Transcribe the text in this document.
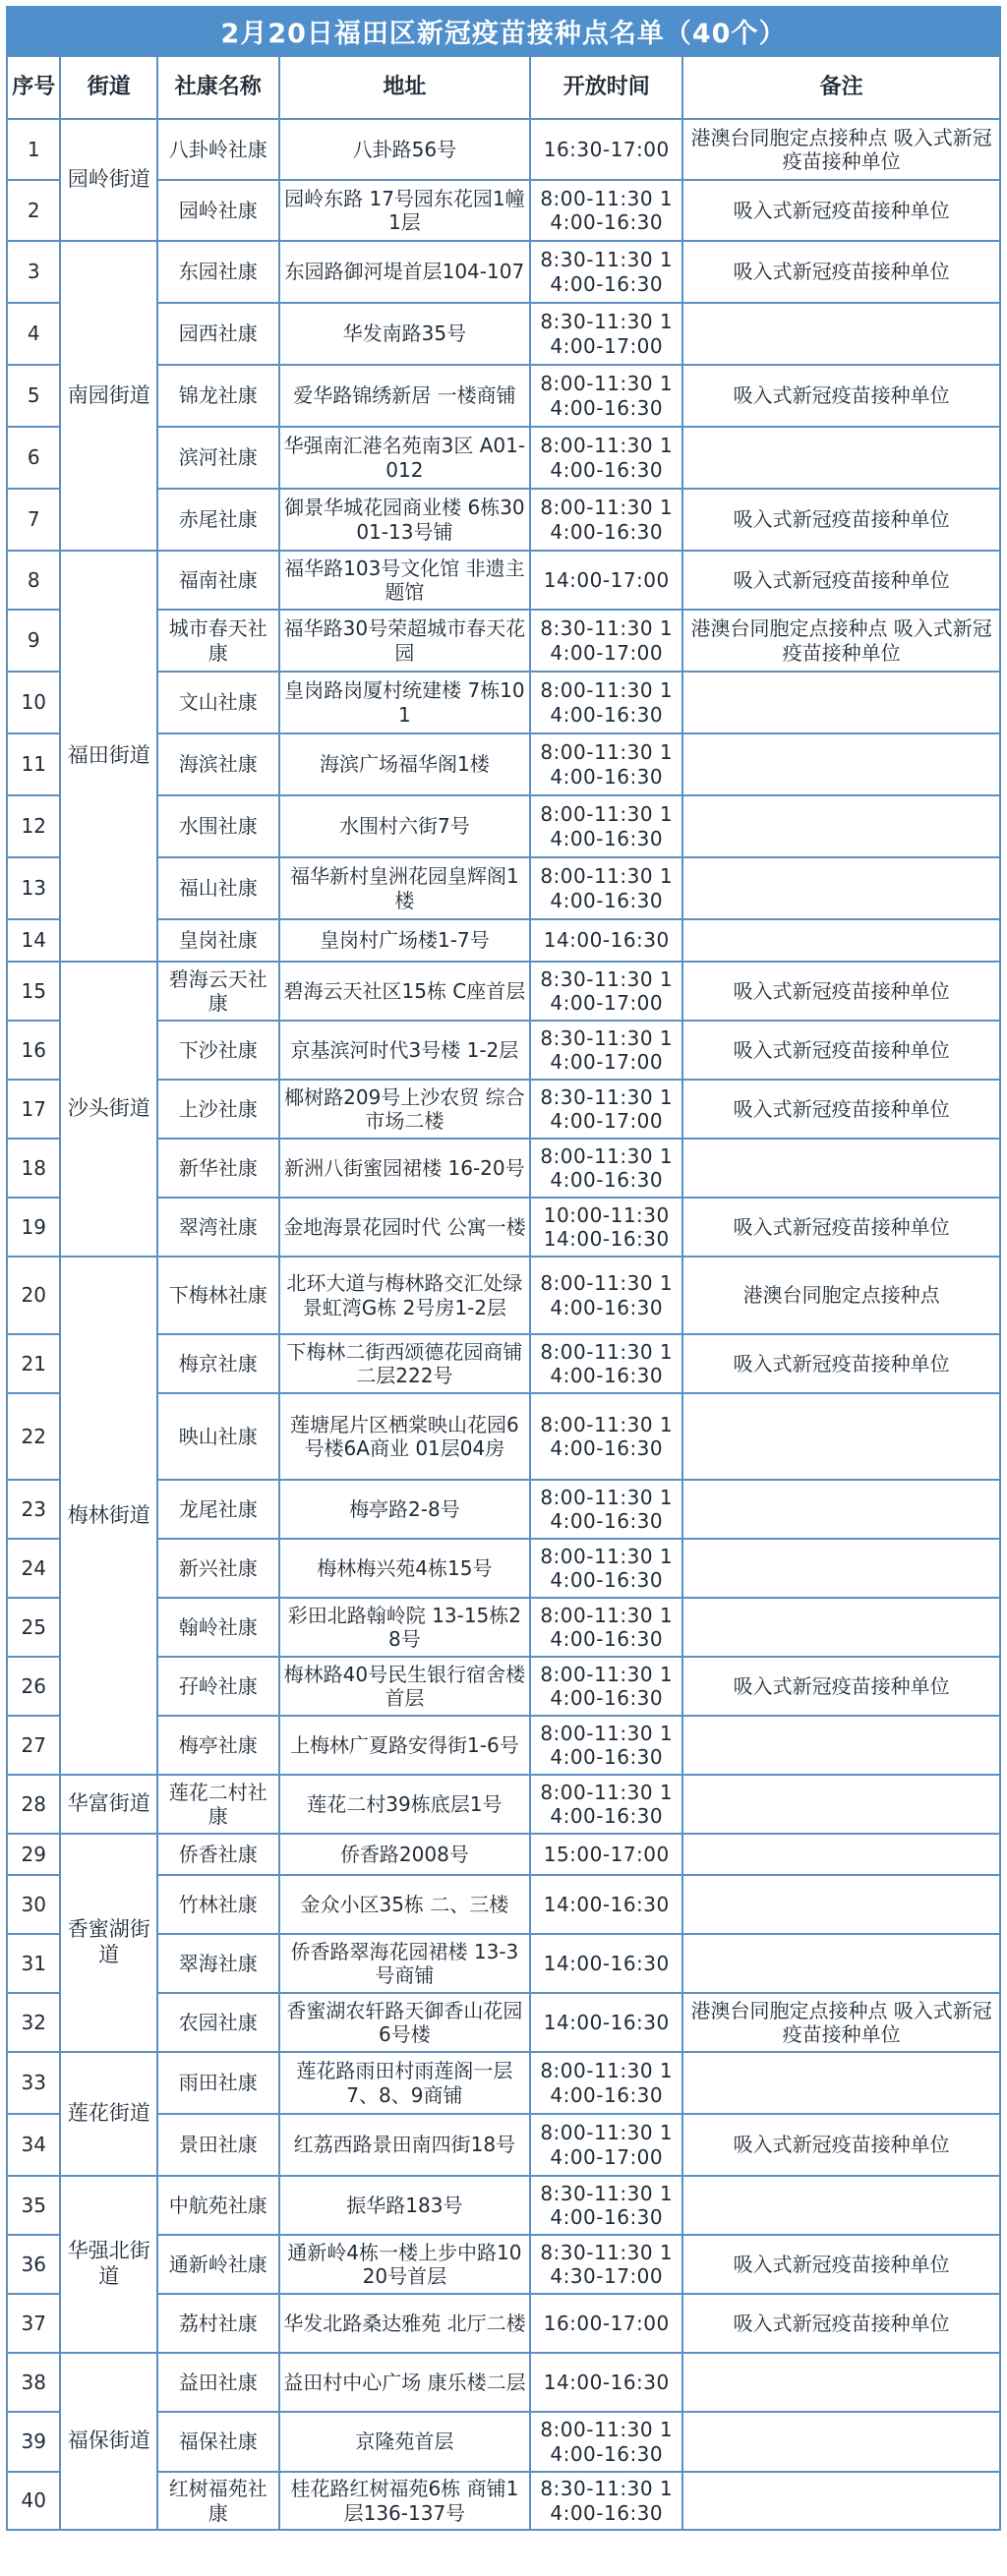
2月20日福田区新冠疫苗接种点名单（40个）
序号	街道	社康名称	地址	开放时间	备注
1	园岭街道	八卦岭社康	八卦路56号	16:30-17:00	港澳台同胞定点接种点 吸入式新冠疫苗接种单位
2		园岭社康	园岭东路 17号园东花园1幢1层	8:00-11:30 14:00-16:30	吸入式新冠疫苗接种单位
3	南园街道	东园社康	东园路御河堤首层104-107	8:30-11:30 14:00-16:30	吸入式新冠疫苗接种单位
4		园西社康	华发南路35号	8:30-11:30 14:00-17:00	
5		锦龙社康	爱华路锦绣新居 一楼商铺	8:00-11:30 14:00-16:30	吸入式新冠疫苗接种单位
6		滨河社康	华强南汇港名苑南3区 A01-012	8:00-11:30 14:00-16:30	
7		赤尾社康	御景华城花园商业楼 6栋3001-13号铺	8:00-11:30 14:00-16:30	吸入式新冠疫苗接种单位
8	福田街道	福南社康	福华路103号文化馆 非遗主题馆	14:00-17:00	吸入式新冠疫苗接种单位
9		城市春天社康	福华路30号荣超城市春天花园	8:30-11:30 14:00-17:00	港澳台同胞定点接种点 吸入式新冠疫苗接种单位
10		文山社康	皇岗路岗厦村统建楼 7栋101	8:00-11:30 14:00-16:30	
11		海滨社康	海滨广场福华阁1楼	8:00-11:30 14:00-16:30	
12		水围社康	水围村六街7号	8:00-11:30 14:00-16:30	
13		福山社康	福华新村皇洲花园皇辉阁1楼	8:00-11:30 14:00-16:30	
14		皇岗社康	皇岗村广场楼1-7号	14:00-16:30	
15	沙头街道	碧海云天社康	碧海云天社区15栋 C座首层	8:30-11:30 14:00-17:00	吸入式新冠疫苗接种单位
16		下沙社康	京基滨河时代3号楼 1-2层	8:30-11:30 14:00-17:00	吸入式新冠疫苗接种单位
17		上沙社康	椰树路209号上沙农贸 综合市场二楼	8:30-11:30 14:00-17:00	吸入式新冠疫苗接种单位
18		新华社康	新洲八街蜜园裙楼 16-20号	8:00-11:30 14:00-16:30	
19		翠湾社康	金地海景花园时代 公寓一楼	10:00-11:30 14:00-16:30	吸入式新冠疫苗接种单位
20	梅林街道	下梅林社康	北环大道与梅林路交汇处绿景虹湾G栋 2号房1-2层	8:00-11:30 14:00-16:30	港澳台同胞定点接种点
21		梅京社康	下梅林二街西颂德花园商铺二层222号	8:00-11:30 14:00-16:30	吸入式新冠疫苗接种单位
22		映山社康	莲塘尾片区栖棠映山花园6号楼6A商业 01层04房	8:00-11:30 14:00-16:30	
23		龙尾社康	梅亭路2-8号	8:00-11:30 14:00-16:30	
24		新兴社康	梅林梅兴苑4栋15号	8:00-11:30 14:00-16:30	
25		翰岭社康	彩田北路翰岭院 13-15栋28号	8:00-11:30 14:00-16:30	
26		孖岭社康	梅林路40号民生银行宿舍楼首层	8:00-11:30 14:00-16:30	吸入式新冠疫苗接种单位
27		梅亭社康	上梅林广夏路安得街1-6号	8:00-11:30 14:00-16:30	
28	华富街道	莲花二村社康	莲花二村39栋底层1号	8:00-11:30 14:00-16:30	
29	香蜜湖街道	侨香社康	侨香路2008号	15:00-17:00	
30		竹林社康	金众小区35栋 二、三楼	14:00-16:30	
31		翠海社康	侨香路翠海花园裙楼 13-3号商铺	14:00-16:30	
32		农园社康	香蜜湖农轩路天御香山花园6号楼	14:00-16:30	港澳台同胞定点接种点 吸入式新冠疫苗接种单位
33	莲花街道	雨田社康	莲花路雨田村雨莲阁一层7、8、9商铺	8:00-11:30 14:00-16:30	
34		景田社康	红荔西路景田南四街18号	8:00-11:30 14:00-17:00	吸入式新冠疫苗接种单位
35	华强北街道	中航苑社康	振华路183号	8:30-11:30 14:00-16:30	
36		通新岭社康	通新岭4栋一楼上步中路1020号首层	8:30-11:30 14:30-17:00	吸入式新冠疫苗接种单位
37		荔村社康	华发北路桑达雅苑 北厅二楼	16:00-17:00	吸入式新冠疫苗接种单位
38	福保街道	益田社康	益田村中心广场 康乐楼二层	14:00-16:30	
39		福保社康	京隆苑首层	8:00-11:30 14:00-16:30	
40		红树福苑社康	桂花路红树福苑6栋 商铺1层136-137号	8:30-11:30 14:00-16:30	
